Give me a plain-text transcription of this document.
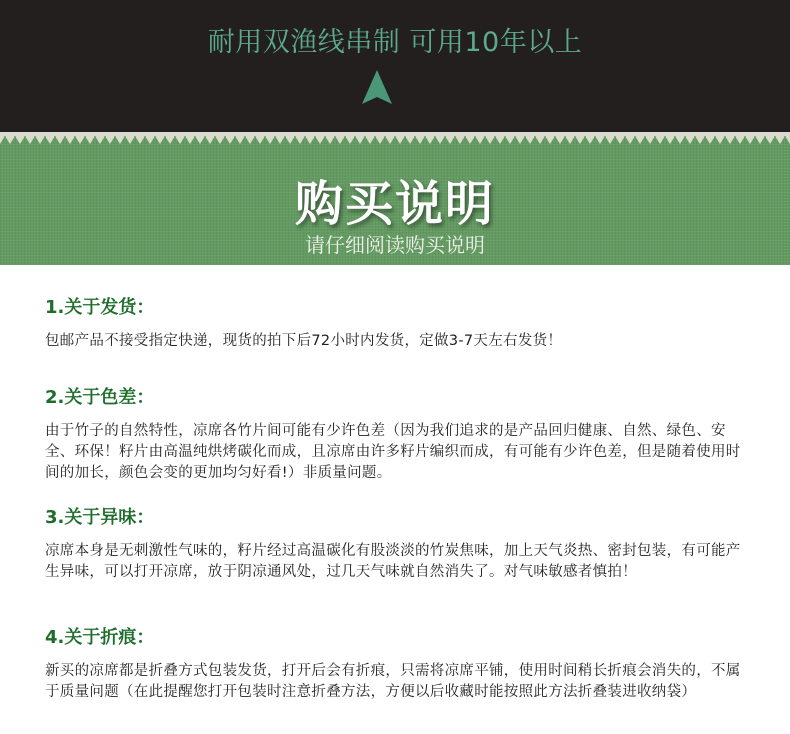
耐用双渔线串制 可用10年以上
购买说明
请仔细阅读购买说明
1.关于发货：

包邮产品不接受指定快递，现货的拍下后72小时内发货，定做3-7天左右发货！

2.关于色差：

由于竹子的自然特性，凉席各竹片间可能有少许色差（因为我们追求的是产品回归健康、自然、绿色、安全、环保！籽片由高温纯烘烤碳化而成，且凉席由许多籽片编织而成，有可能有少许色差，但是随着使用时间的加长，颜色会变的更加均匀好看!）非质量问题。

3.关于异味：

凉席本身是无刺激性气味的，籽片经过高温碳化有股淡淡的竹炭焦味，加上天气炎热、密封包装，有可能产生异味，可以打开凉席，放于阴凉通风处，过几天气味就自然消失了。对气味敏感者慎拍！

4.关于折痕：

新买的凉席都是折叠方式包装发货，打开后会有折痕，只需将凉席平铺，使用时间稍长折痕会消失的，不属于质量问题（在此提醒您打开包装时注意折叠方法，方便以后收藏时能按照此方法折叠装进收纳袋）
